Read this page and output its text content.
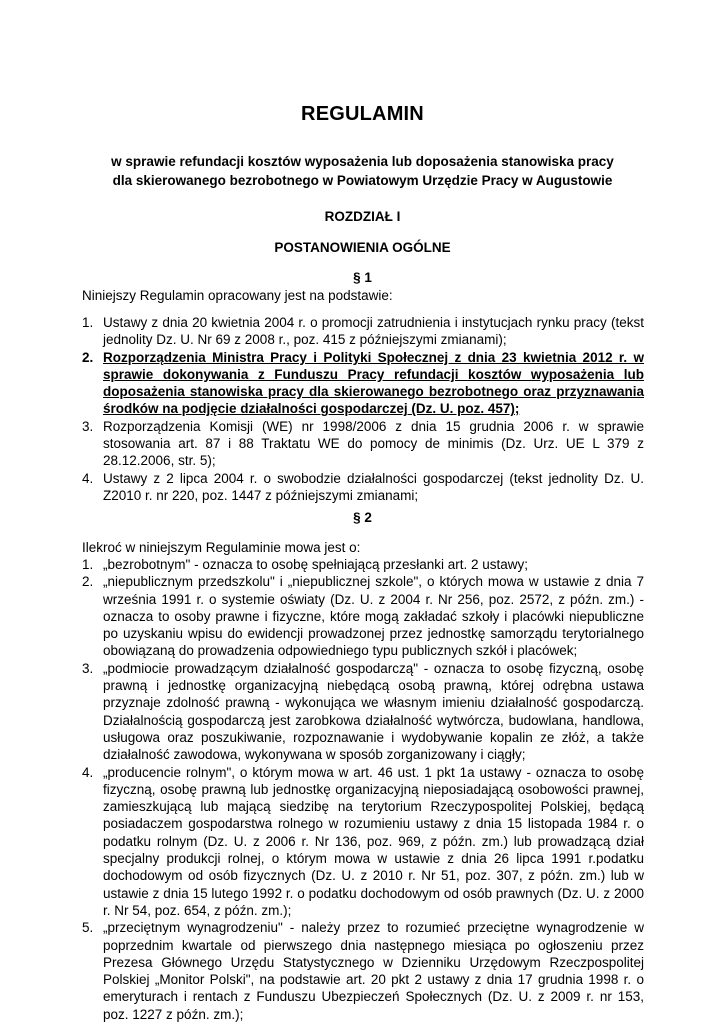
REGULAMIN
w sprawie refundacji kosztów wyposażenia lub doposażenia stanowiska pracy
dla skierowanego bezrobotnego w Powiatowym Urzędzie Pracy w Augustowie
ROZDZIAŁ I
POSTANOWIENIA OGÓLNE
§ 1
Niniejszy Regulamin opracowany jest na podstawie:
1. Ustawy z dnia 20 kwietnia 2004 r. o promocji zatrudnienia i instytucjach rynku pracy (tekst jednolity Dz. U. Nr 69 z 2008 r., poz. 415 z późniejszymi zmianami);
2. Rozporządzenia Ministra Pracy i Polityki Społecznej z dnia 23 kwietnia 2012 r. w sprawie dokonywania z Funduszu Pracy refundacji kosztów wyposażenia lub doposażenia stanowiska pracy dla skierowanego bezrobotnego oraz przyznawania środków na podjęcie działalności gospodarczej (Dz. U. poz. 457);
3. Rozporządzenia Komisji (WE) nr 1998/2006 z dnia 15 grudnia 2006 r. w sprawie stosowania art. 87 i 88 Traktatu WE do pomocy de minimis (Dz. Urz. UE L 379 z 28.12.2006, str. 5);
4. Ustawy z 2 lipca 2004 r. o swobodzie działalności gospodarczej (tekst jednolity Dz. U. Z2010 r. nr 220, poz. 1447 z późniejszymi zmianami;
§ 2
Ilekroć w niniejszym Regulaminie mowa jest o:
1. „bezrobotnym" - oznacza to osobę spełniającą przesłanki art. 2 ustawy;
2. „niepublicznym przedszkolu" i „niepublicznej szkole", o których mowa w ustawie z dnia 7 września 1991 r. o systemie oświaty (Dz. U. z 2004 r. Nr 256, poz. 2572, z późn. zm.) - oznacza to osoby prawne i fizyczne, które mogą zakładać szkoły i placówki niepubliczne po uzyskaniu wpisu do ewidencji prowadzonej przez jednostkę samorządu terytorialnego obowiązaną do prowadzenia odpowiedniego typu publicznych szkół i placówek;
3. „podmiocie prowadzącym działalność gospodarczą" - oznacza to osobę fizyczną, osobę prawną i jednostkę organizacyjną niebędącą osobą prawną, której odrębna ustawa przyznaje zdolność prawną - wykonująca we własnym imieniu działalność gospodarczą. Działalnością gospodarczą jest zarobkowa działalność wytwórcza, budowlana, handlowa, usługowa oraz poszukiwanie, rozpoznawanie i wydobywanie kopalin ze złóż, a także działalność zawodowa, wykonywana w sposób zorganizowany i ciągły;
4. „producencie rolnym", o którym mowa w art. 46 ust. 1 pkt 1a ustawy - oznacza to osobę fizyczną, osobę prawną lub jednostkę organizacyjną nieposiadającą osobowości prawnej, zamieszkującą lub mającą siedzibę na terytorium Rzeczypospolitej Polskiej, będącą posiadaczem gospodarstwa rolnego w rozumieniu ustawy z dnia 15 listopada 1984 r. o podatku rolnym (Dz. U. z 2006 r. Nr 136, poz. 969, z późn. zm.) lub prowadzącą dział specjalny produkcji rolnej, o którym mowa w ustawie z dnia 26 lipca 1991 r.podatku dochodowym od osób fizycznych (Dz. U. z 2010 r. Nr 51, poz. 307, z późn. zm.) lub w ustawie z dnia 15 lutego 1992 r. o podatku dochodowym od osób prawnych (Dz. U. z 2000 r. Nr 54, poz. 654, z późn. zm.);
5. „przeciętnym wynagrodzeniu" - należy przez to rozumieć przeciętne wynagrodzenie w poprzednim kwartale od pierwszego dnia następnego miesiąca po ogłoszeniu przez Prezesa Głównego Urzędu Statystycznego w Dzienniku Urzędowym Rzeczpospolitej Polskiej „Monitor Polski", na podstawie art. 20 pkt 2 ustawy z dnia 17 grudnia 1998 r. o emeryturach i rentach z Funduszu Ubezpieczeń Społecznych (Dz. U. z 2009 r. nr 153, poz. 1227 z późn. zm.);
